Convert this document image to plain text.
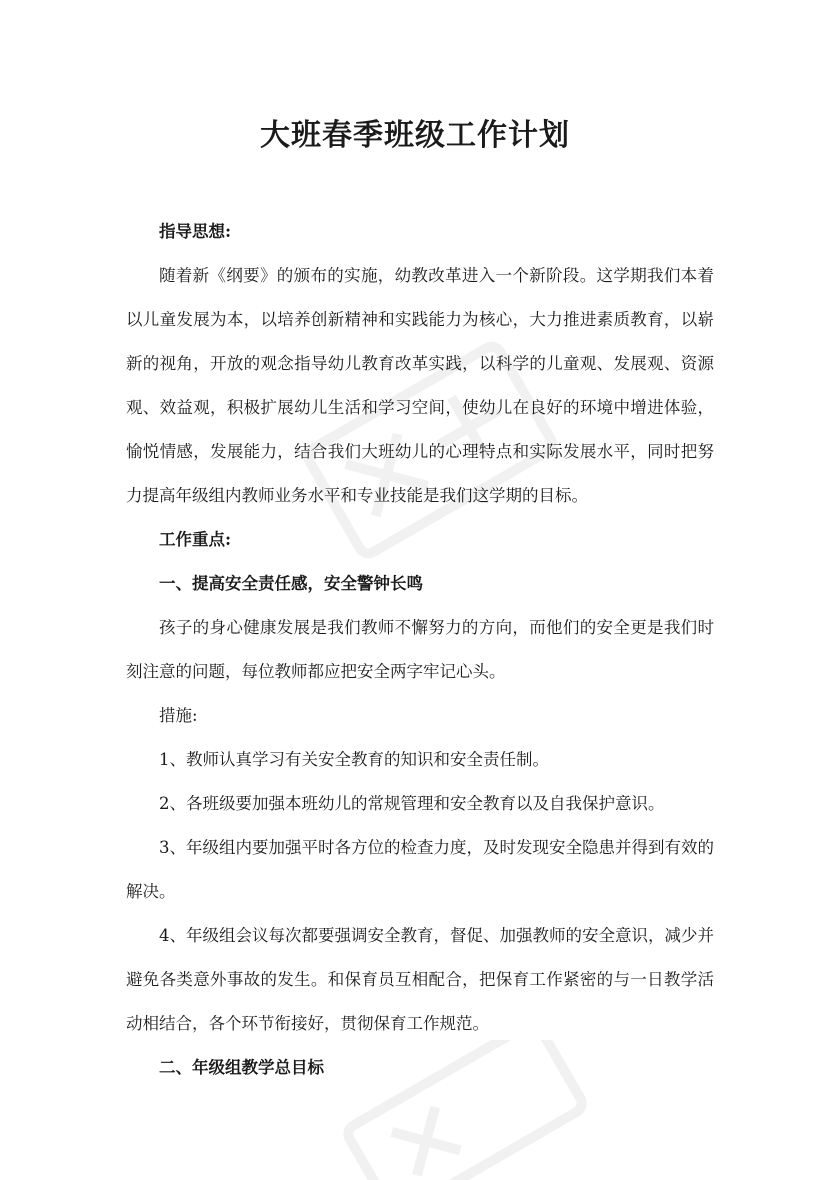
大班春季班级工作计划

指导思想:

随着新《纲要》的颁布的实施，幼教改革进入一个新阶段。这学期我们本着以儿童发展为本，以培养创新精神和实践能力为核心，大力推进素质教育，以崭新的视角，开放的观念指导幼儿教育改革实践，以科学的儿童观、发展观、资源观、效益观，积极扩展幼儿生活和学习空间，使幼儿在良好的环境中增进体验，愉悦情感，发展能力，结合我们大班幼儿的心理特点和实际发展水平，同时把努力提高年级组内教师业务水平和专业技能是我们这学期的目标。

工作重点:

一、提高安全责任感，安全警钟长鸣

孩子的身心健康发展是我们教师不懈努力的方向，而他们的安全更是我们时刻注意的问题，每位教师都应把安全两字牢记心头。

措施:

1、教师认真学习有关安全教育的知识和安全责任制。

2、各班级要加强本班幼儿的常规管理和安全教育以及自我保护意识。

3、年级组内要加强平时各方位的检查力度，及时发现安全隐患并得到有效的解决。

4、年级组会议每次都要强调安全教育，督促、加强教师的安全意识，减少并避免各类意外事故的发生。和保育员互相配合，把保育工作紧密的与一日教学活动相结合，各个环节衔接好，贯彻保育工作规范。

二、年级组教学总目标
